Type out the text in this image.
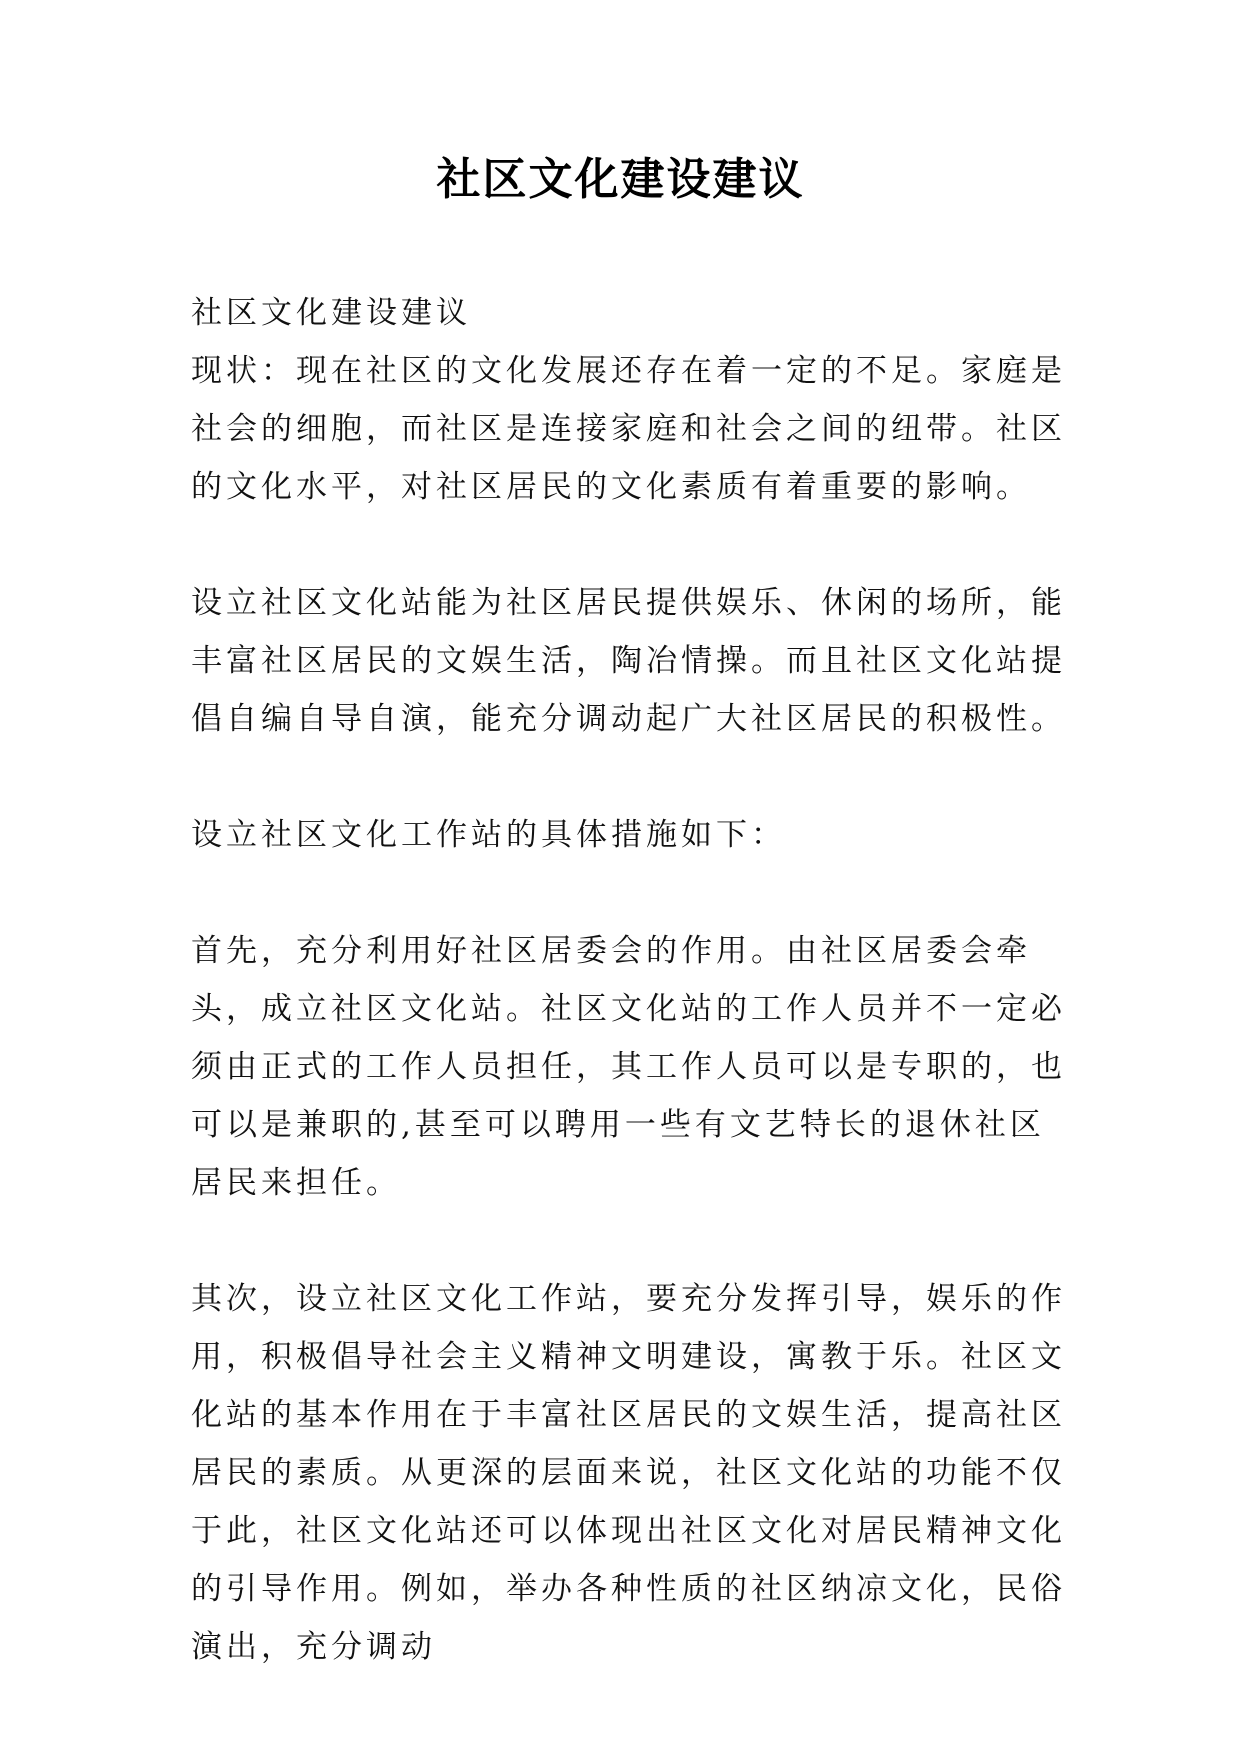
社区文化建设建议
社区文化建设建议
现状：现在社区的文化发展还存在着一定的不足。家庭是社会的细胞，而社区是连接家庭和社会之间的纽带。社区的文化水平，对社区居民的文化素质有着重要的影响。
设立社区文化站能为社区居民提供娱乐、休闲的场所，能丰富社区居民的文娱生活，陶冶情操。而且社区文化站提倡自编自导自演，能充分调动起广大社区居民的积极性。
设立社区文化工作站的具体措施如下：
首先，充分利用好社区居委会的作用。由社区居委会牵头，成立社区文化站。社区文化站的工作人员并不一定必须由正式的工作人员担任，其工作人员可以是专职的，也可以是兼职的,甚至可以聘用一些有文艺特长的退休社区居民来担任。
其次，设立社区文化工作站，要充分发挥引导，娱乐的作用，积极倡导社会主义精神文明建设，寓教于乐。社区文化站的基本作用在于丰富社区居民的文娱生活，提高社区居民的素质。从更深的层面来说，社区文化站的功能不仅于此，社区文化站还可以体现出社区文化对居民精神文化的引导作用。例如，举办各种性质的社区纳凉文化，民俗演出，充分调动
